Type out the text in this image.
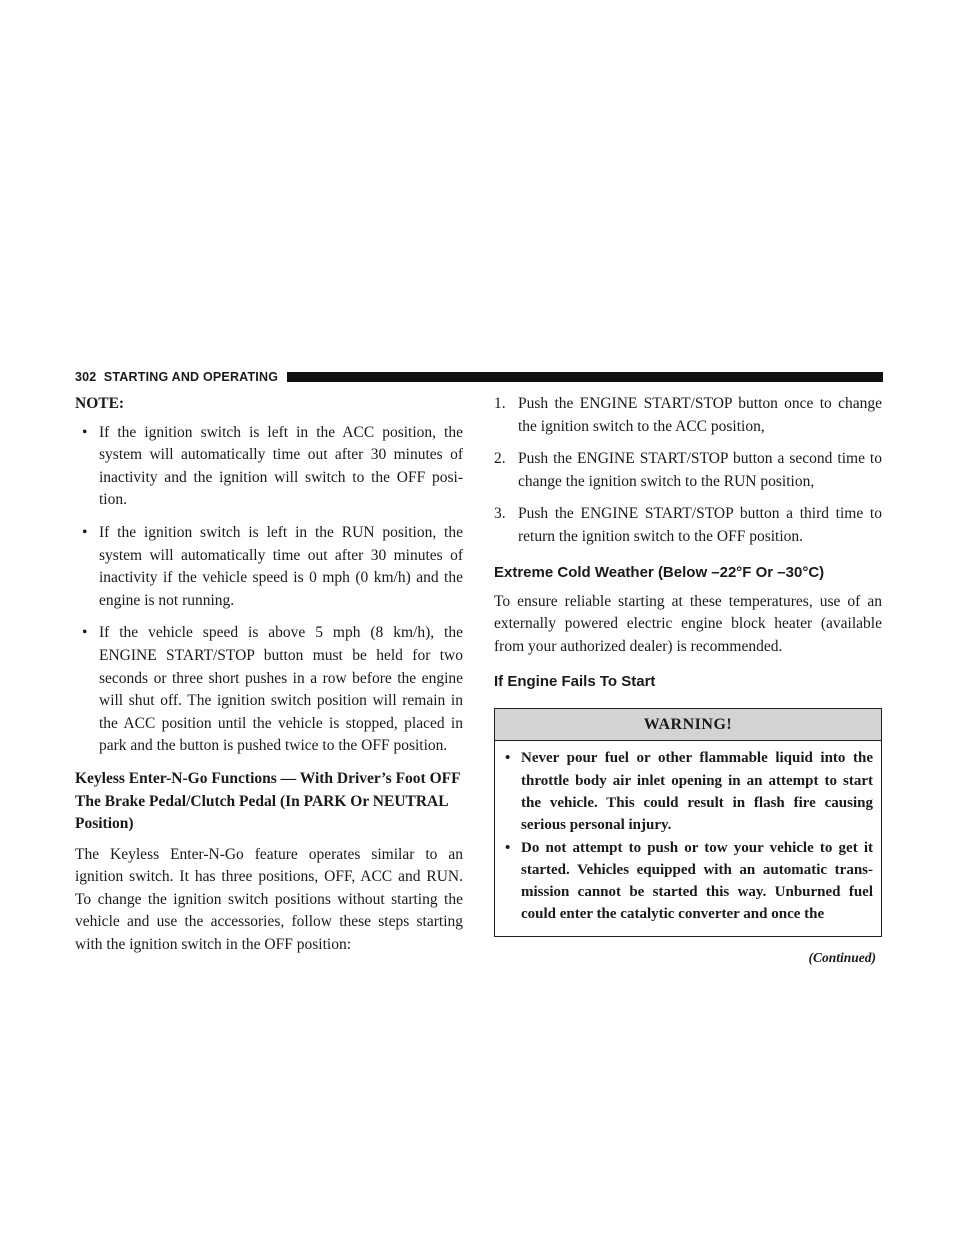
302 STARTING AND OPERATING

NOTE:

• If the ignition switch is left in the ACC position, the system will automatically time out after 30 minutes of inactivity and the ignition will switch to the OFF posi-tion.

• If the ignition switch is left in the RUN position, the system will automatically time out after 30 minutes of inactivity if the vehicle speed is 0 mph (0 km/h) and the engine is not running.

• If the vehicle speed is above 5 mph (8 km/h), the ENGINE START/STOP button must be held for two seconds or three short pushes in a row before the engine will shut off. The ignition switch position will remain in the ACC position until the vehicle is stopped, placed in park and the button is pushed twice to the OFF position.

Keyless Enter-N-Go Functions — With Driver’s Foot OFF The Brake Pedal/Clutch Pedal (In PARK Or NEUTRAL Position)

The Keyless Enter-N-Go feature operates similar to an ignition switch. It has three positions, OFF, ACC and RUN. To change the ignition switch positions without starting the vehicle and use the accessories, follow these steps starting with the ignition switch in the OFF position:

1. Push the ENGINE START/STOP button once to change the ignition switch to the ACC position,

2. Push the ENGINE START/STOP button a second time to change the ignition switch to the RUN position,

3. Push the ENGINE START/STOP button a third time to return the ignition switch to the OFF position.

Extreme Cold Weather (Below –22°F Or –30°C)

To ensure reliable starting at these temperatures, use of an externally powered electric engine block heater (available from your authorized dealer) is recommended.

If Engine Fails To Start
WARNING!

• Never pour fuel or other flammable liquid into the throttle body air inlet opening in an attempt to start the vehicle. This could result in flash fire causing serious personal injury.

• Do not attempt to push or tow your vehicle to get it started. Vehicles equipped with an automatic trans-mission cannot be started this way. Unburned fuel could enter the catalytic converter and once the

(Continued)
